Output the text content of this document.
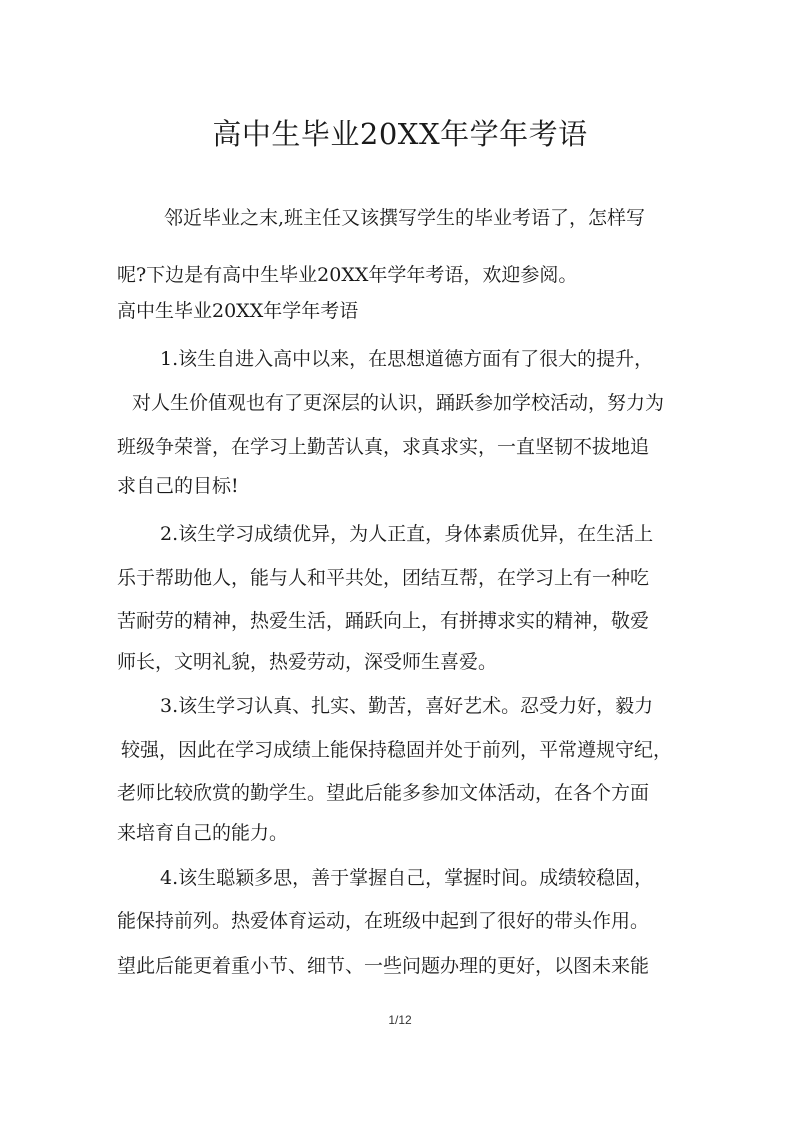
高中生毕业20XX年学年考语
邻近毕业之末,班主任又该撰写学生的毕业考语了，怎样写
呢?下边是有高中生毕业20XX年学年考语，欢迎参阅。
高中生毕业20XX年学年考语
1.该生自进入高中以来，在思想道德方面有了很大的提升，
对人生价值观也有了更深层的认识，踊跃参加学校活动，努力为
班级争荣誉，在学习上勤苦认真，求真求实，一直坚韧不拔地追
求自己的目标!
2.该生学习成绩优异，为人正直，身体素质优异，在生活上
乐于帮助他人，能与人和平共处，团结互帮，在学习上有一种吃
苦耐劳的精神，热爱生活，踊跃向上，有拼搏求实的精神，敬爱
师长，文明礼貌，热爱劳动，深受师生喜爱。
3.该生学习认真、扎实、勤苦，喜好艺术。忍受力好，毅力
较强，因此在学习成绩上能保持稳固并处于前列，平常遵规守纪，
老师比较欣赏的勤学生。望此后能多参加文体活动，在各个方面
来培育自己的能力。
4.该生聪颖多思，善于掌握自己，掌握时间。成绩较稳固，
能保持前列。热爱体育运动，在班级中起到了很好的带头作用。
望此后能更着重小节、细节、一些问题办理的更好，以图未来能
1/12
